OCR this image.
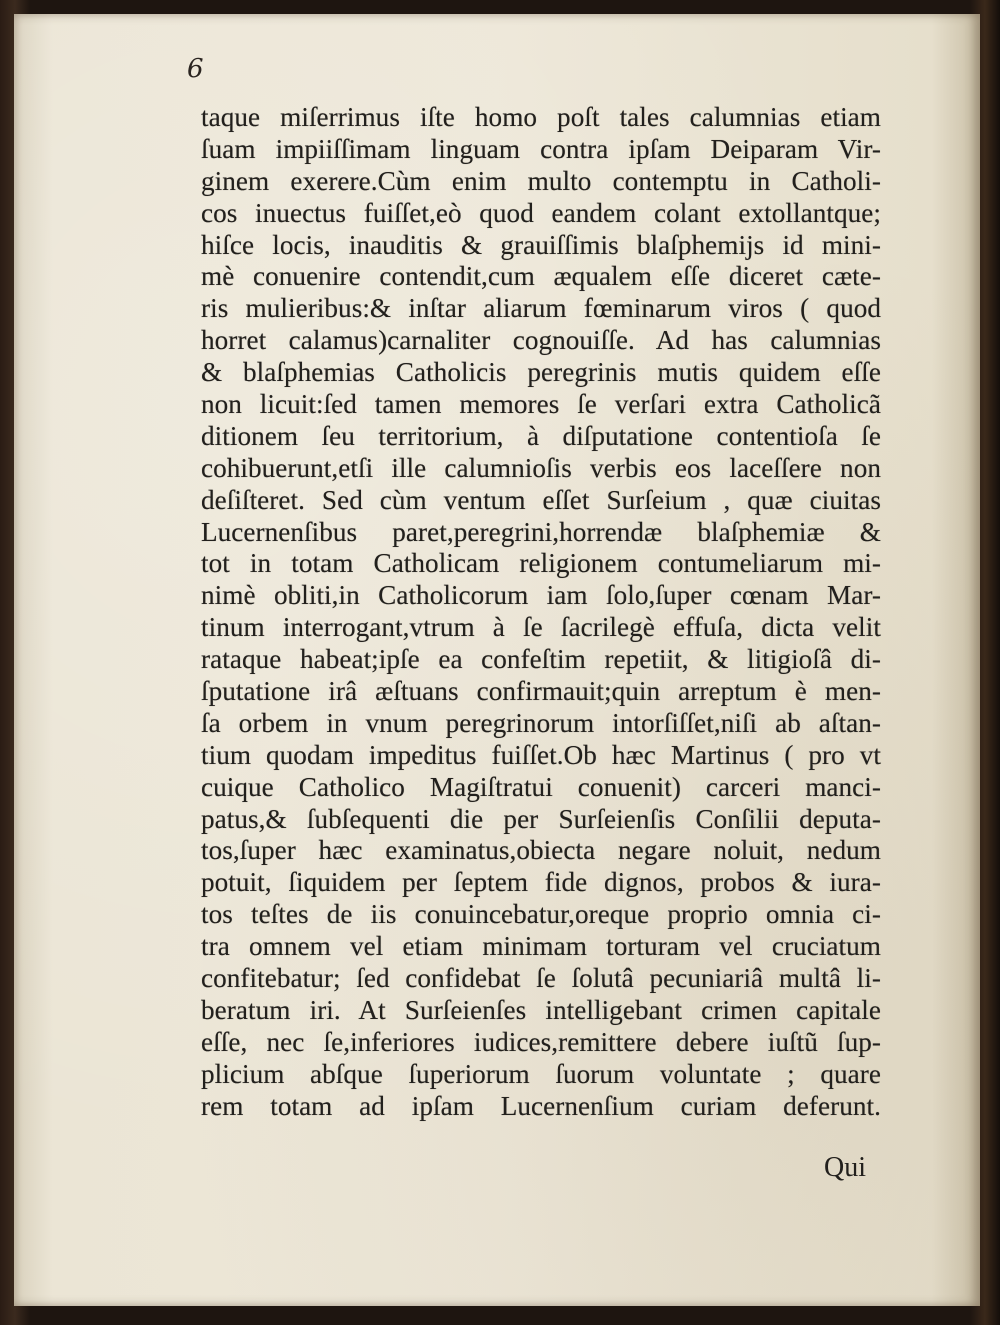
6
taque miſerrimus iſte homo poſt tales calumnias etiam
ſuam impiiſſimam linguam contra ipſam Deiparam Vir-
ginem exerere.Cùm enim multo contemptu in Catholi-
cos inuectus fuiſſet,eò quod eandem colant extollantque;
hiſce locis, inauditis & grauiſſimis blaſphemijs id mini-
mè conuenire contendit,cum æqualem eſſe diceret cæte-
ris mulieribus:& inſtar aliarum fœminarum viros ( quod
horret calamus)carnaliter cognouiſſe. Ad has calumnias
& blaſphemias Catholicis peregrinis mutis quidem eſſe
non licuit:ſed tamen memores ſe verſari extra Catholicã
ditionem ſeu territorium, à diſputatione contentioſa ſe
cohibuerunt,etſi ille calumnioſis verbis eos laceſſere non
deſiſteret. Sed cùm ventum eſſet Surſeium , quæ ciuitas
Lucernenſibus paret,peregrini,horrendæ blaſphemiæ &
tot in totam Catholicam religionem contumeliarum mi-
nimè obliti,in Catholicorum iam ſolo,ſuper cœnam Mar-
tinum interrogant,vtrum à ſe ſacrilegè effuſa, dicta velit
rataque habeat;ipſe ea confeſtim repetiit, & litigioſâ di-
ſputatione irâ æſtuans confirmauit;quin arreptum è men-
ſa orbem in vnum peregrinorum intorſiſſet,niſi ab aſtan-
tium quodam impeditus fuiſſet.Ob hæc Martinus ( pro vt
cuique Catholico Magiſtratui conuenit) carceri manci-
patus,& ſubſequenti die per Surſeienſis Conſilii deputa-
tos,ſuper hæc examinatus,obiecta negare noluit, nedum
potuit, ſiquidem per ſeptem fide dignos, probos & iura-
tos teſtes de iis conuincebatur,oreque proprio omnia ci-
tra omnem vel etiam minimam torturam vel cruciatum
confitebatur; ſed confidebat ſe ſolutâ pecuniariâ multâ li-
beratum iri. At Surſeienſes intelligebant crimen capitale
eſſe, nec ſe,inferiores iudices,remittere debere iuſtũ ſup-
plicium abſque ſuperiorum ſuorum voluntate ; quare
rem totam ad ipſam Lucernenſium curiam deferunt.
Qui
